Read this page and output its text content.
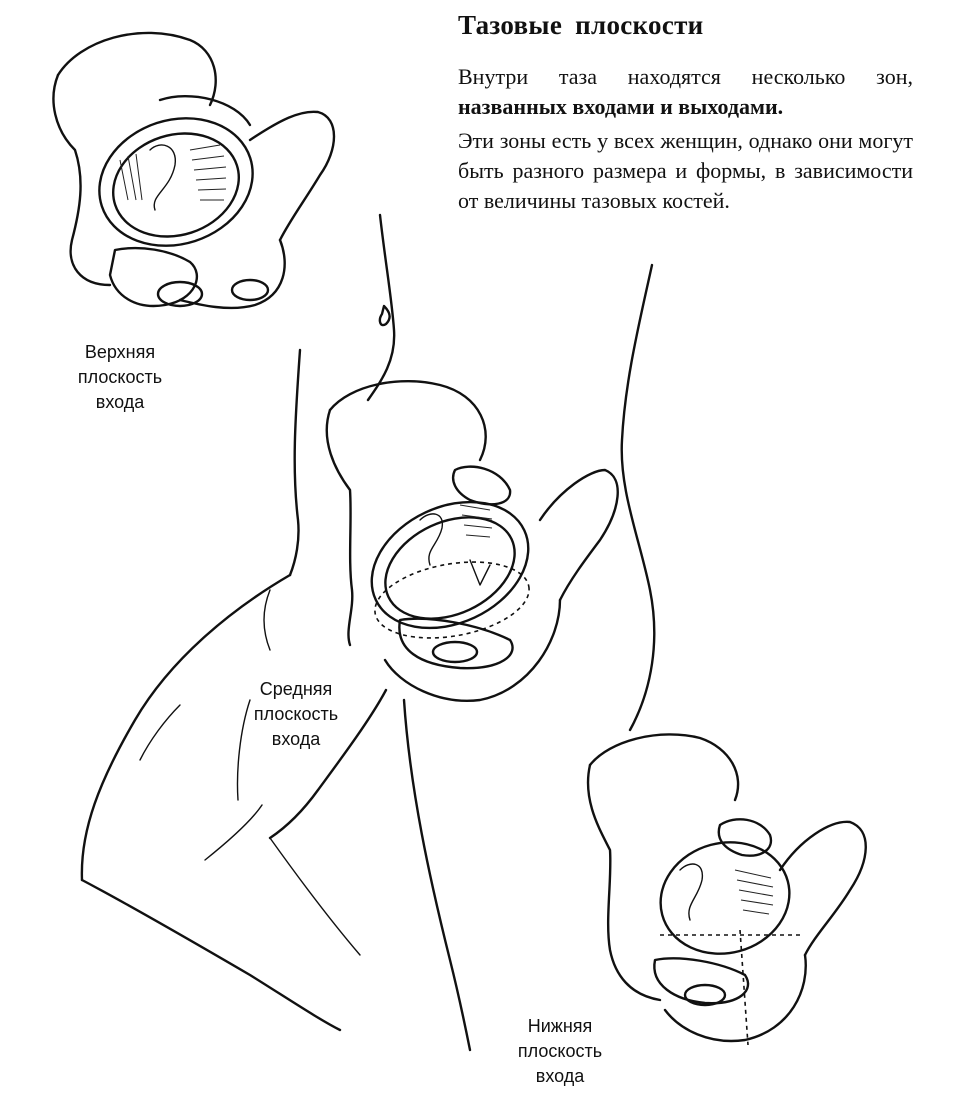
Тазовые плоскости
Внутри таза находятся несколько зон, названных входами и выходами.
Эти зоны есть у всех женщин, однако они могут быть разного размера и формы, в зависимости от величины тазовых костей.
Верхняя
плоскость
входа
Средняя
плоскость
входа
Нижняя
плоскость
входа
